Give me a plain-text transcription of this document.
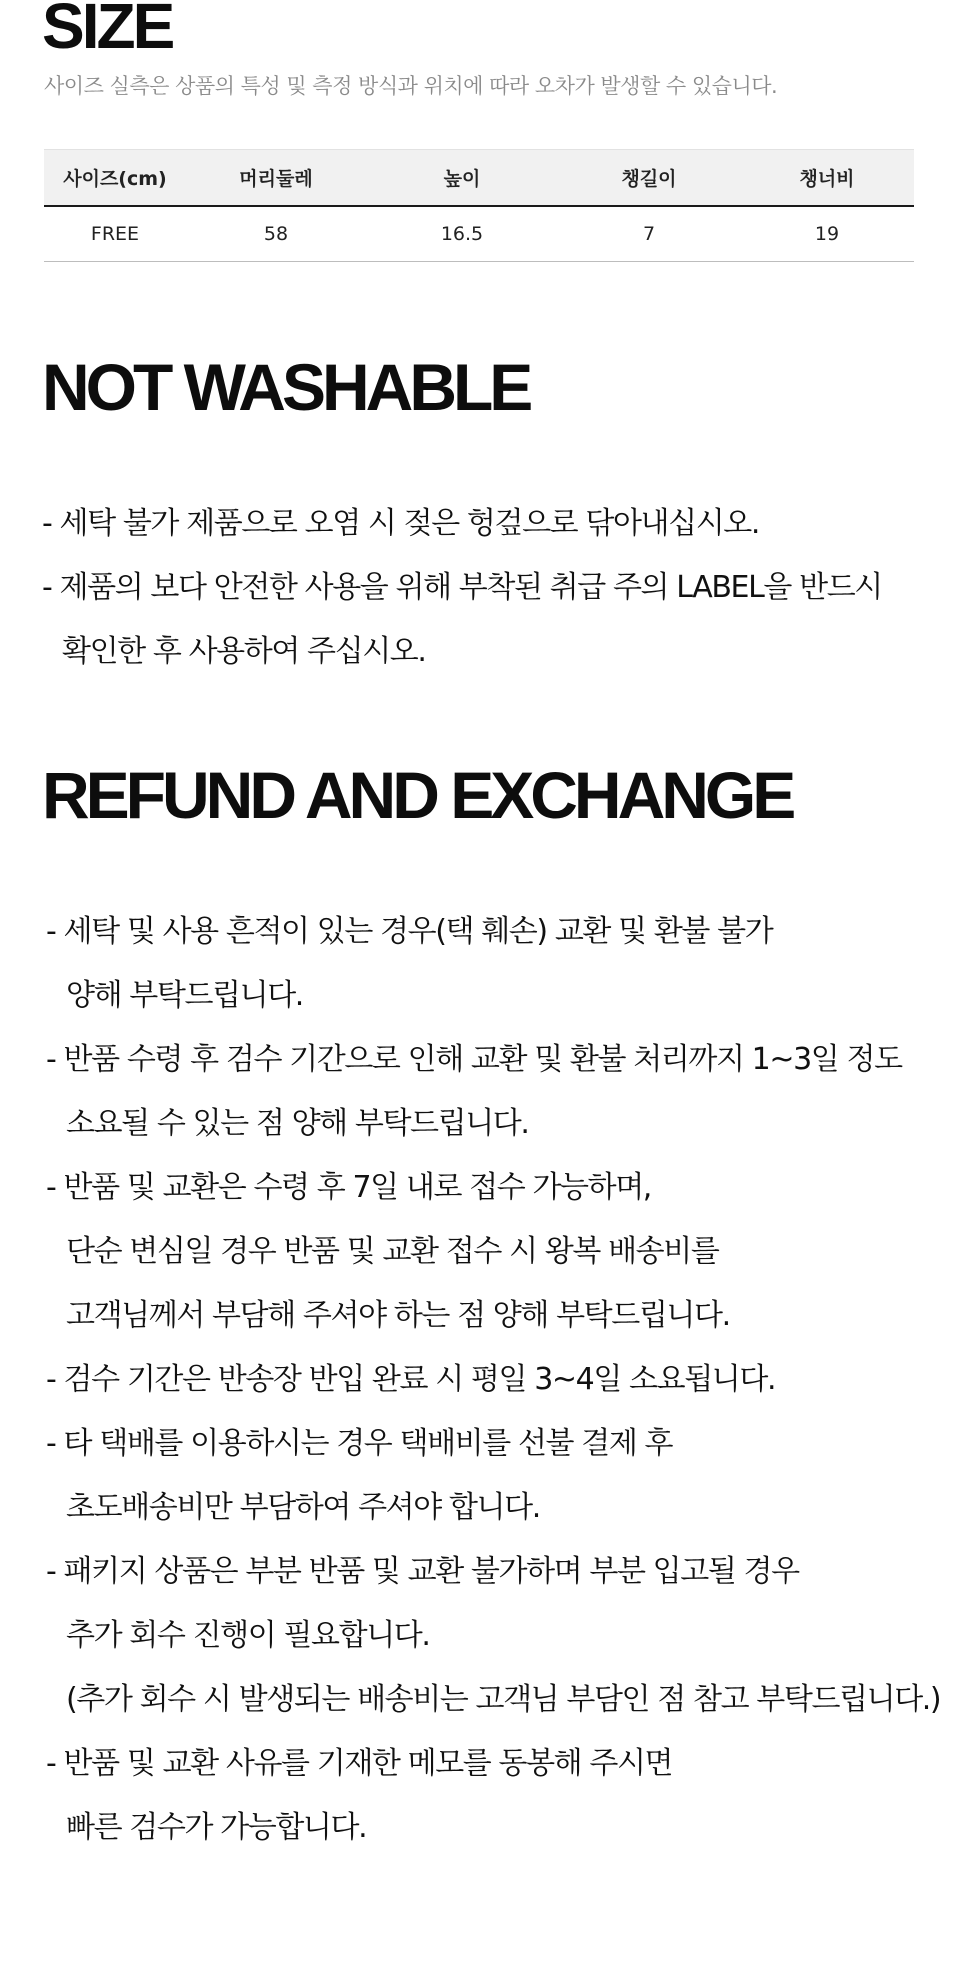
SIZE

사이즈 실측은 상품의 특성 및 측정 방식과 위치에 따라 오차가 발생할 수 있습니다.

사이즈(cm)	머리둘레	높이	챙길이	챙너비
FREE	58	16.5	7	19
NOT WASHABLE
- 세탁 불가 제품으로 오염 시 젖은 헝겊으로 닦아내십시오.
- 제품의 보다 안전한 사용을 위해 부착된 취급 주의 LABEL을 반드시
확인한 후 사용하여 주십시오.
REFUND AND EXCHANGE
- 세탁 및 사용 흔적이 있는 경우(택 훼손) 교환 및 환불 불가
양해 부탁드립니다.
- 반품 수령 후 검수 기간으로 인해 교환 및 환불 처리까지 1~3일 정도
소요될 수 있는 점 양해 부탁드립니다.
- 반품 및 교환은 수령 후 7일 내로 접수 가능하며,
단순 변심일 경우 반품 및 교환 접수 시 왕복 배송비를
고객님께서 부담해 주셔야 하는 점 양해 부탁드립니다.
- 검수 기간은 반송장 반입 완료 시 평일 3~4일 소요됩니다.
- 타 택배를 이용하시는 경우 택배비를 선불 결제 후
초도배송비만 부담하여 주셔야 합니다.
- 패키지 상품은 부분 반품 및 교환 불가하며 부분 입고될 경우
추가 회수 진행이 필요합니다.
(추가 회수 시 발생되는 배송비는 고객님 부담인 점 참고 부탁드립니다.)
- 반품 및 교환 사유를 기재한 메모를 동봉해 주시면
빠른 검수가 가능합니다.
